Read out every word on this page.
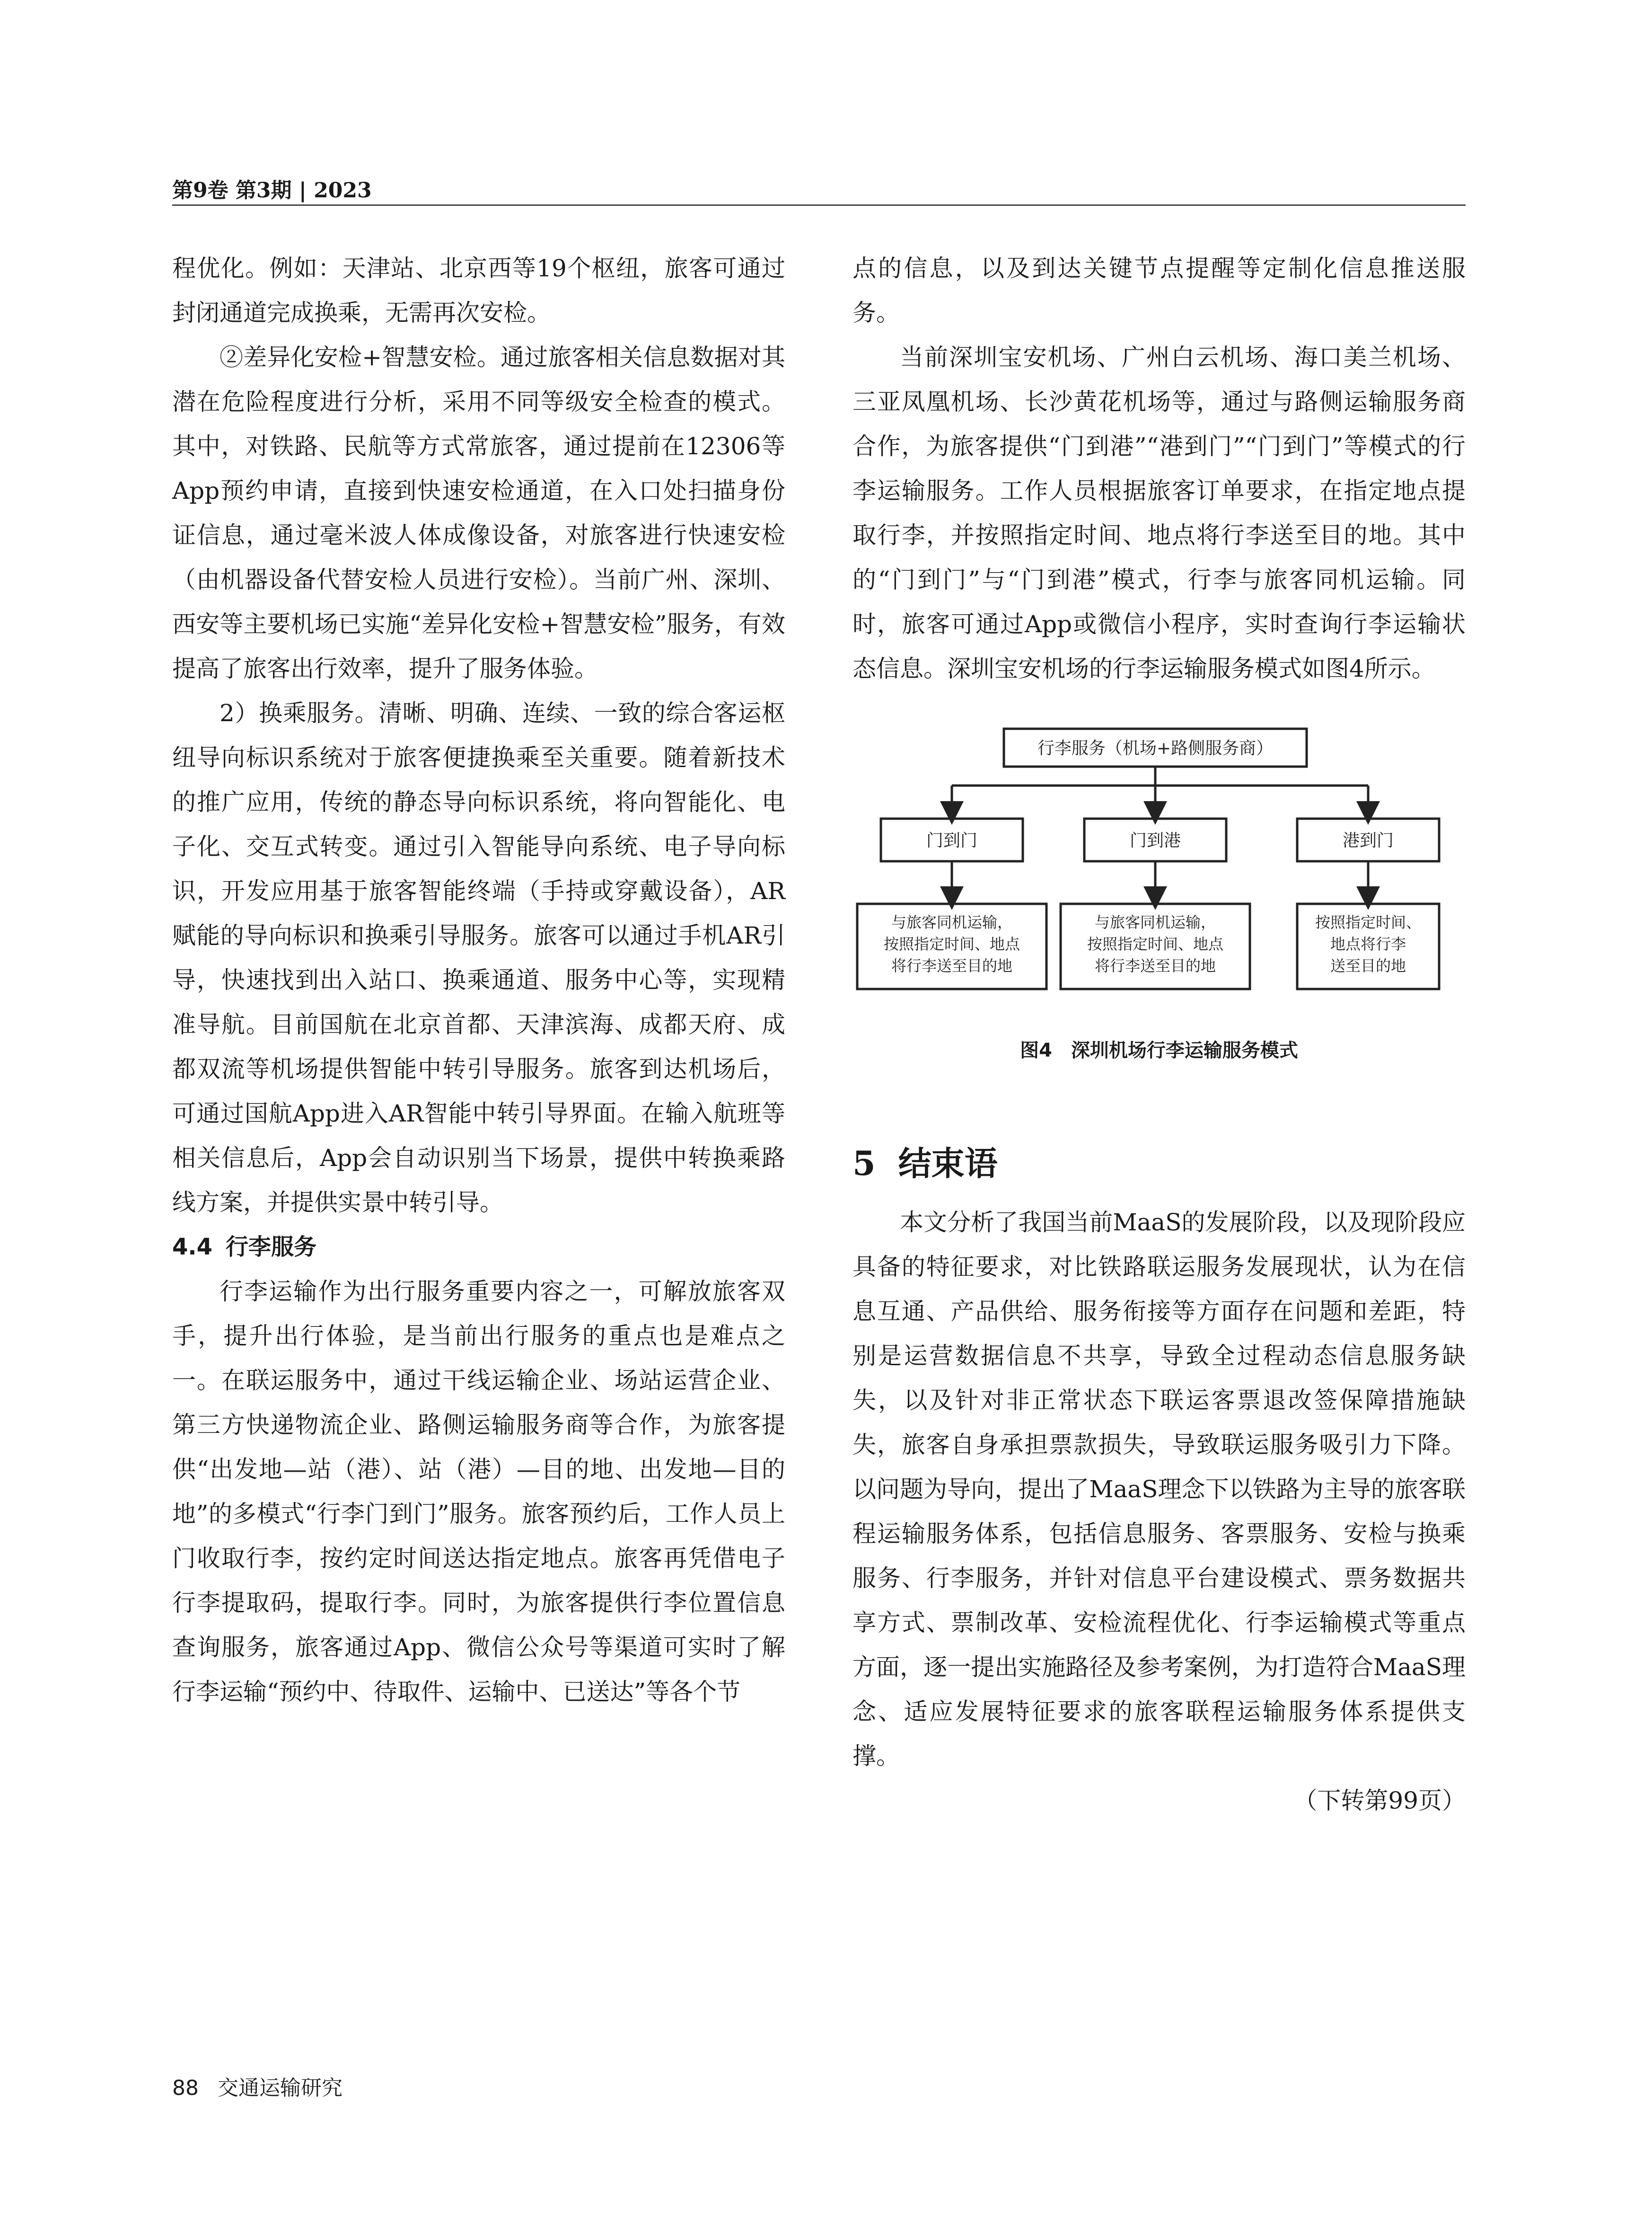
第9卷 第3期 | 2023

程优化。例如：天津站、北京西等19个枢纽，旅客可通过封闭通道完成换乘，无需再次安检。

②差异化安检+智慧安检。通过旅客相关信息数据对其潜在危险程度进行分析，采用不同等级安全检查的模式。其中，对铁路、民航等方式常旅客，通过提前在12306等App预约申请，直接到快速安检通道，在入口处扫描身份证信息，通过毫米波人体成像设备，对旅客进行快速安检（由机器设备代替安检人员进行安检）。当前广州、深圳、西安等主要机场已实施“差异化安检+智慧安检”服务，有效提高了旅客出行效率，提升了服务体验。

2）换乘服务。清晰、明确、连续、一致的综合客运枢纽导向标识系统对于旅客便捷换乘至关重要。随着新技术的推广应用，传统的静态导向标识系统，将向智能化、电子化、交互式转变。通过引入智能导向系统、电子导向标识，开发应用基于旅客智能终端（手持或穿戴设备），AR赋能的导向标识和换乘引导服务。旅客可以通过手机AR引导，快速找到出入站口、换乘通道、服务中心等，实现精准导航。目前国航在北京首都、天津滨海、成都天府、成都双流等机场提供智能中转引导服务。旅客到达机场后，可通过国航App进入AR智能中转引导界面。在输入航班等相关信息后，App会自动识别当下场景，提供中转换乘路线方案，并提供实景中转引导。

4.4 行李服务

行李运输作为出行服务重要内容之一，可解放旅客双手，提升出行体验，是当前出行服务的重点也是难点之一。在联运服务中，通过干线运输企业、场站运营企业、第三方快递物流企业、路侧运输服务商等合作，为旅客提供“出发地—站（港）、站（港）—目的地、出发地—目的地”的多模式“行李门到门”服务。旅客预约后，工作人员上门收取行李，按约定时间送达指定地点。旅客再凭借电子行李提取码，提取行李。同时，为旅客提供行李位置信息查询服务，旅客通过App、微信公众号等渠道可实时了解行李运输“预约中、待取件、运输中、已送达”等各个节

点的信息，以及到达关键节点提醒等定制化信息推送服务。

当前深圳宝安机场、广州白云机场、海口美兰机场、三亚凤凰机场、长沙黄花机场等，通过与路侧运输服务商合作，为旅客提供“门到港”“港到门”“门到门”等模式的行李运输服务。工作人员根据旅客订单要求，在指定地点提取行李，并按照指定时间、地点将行李送至目的地。其中的“门到门”与“门到港”模式，行李与旅客同机运输。同时，旅客可通过App或微信小程序，实时查询行李运输状态信息。深圳宝安机场的行李运输服务模式如图4所示。

行李服务（机场+路侧服务商）
门到门	门到港	港到门
与旅客同机运输，
按照指定时间、地点
将行李送至目的地
与旅客同机运输，
按照指定时间、地点
将行李送至目的地
按照指定时间、
地点将行李
送至目的地
图4 深圳机场行李运输服务模式
5 结束语

本文分析了我国当前MaaS的发展阶段，以及现阶段应具备的特征要求，对比铁路联运服务发展现状，认为在信息互通、产品供给、服务衔接等方面存在问题和差距，特别是运营数据信息不共享，导致全过程动态信息服务缺失，以及针对非正常状态下联运客票退改签保障措施缺失，旅客自身承担票款损失，导致联运服务吸引力下降。以问题为导向，提出了MaaS理念下以铁路为主导的旅客联程运输服务体系，包括信息服务、客票服务、安检与换乘服务、行李服务，并针对信息平台建设模式、票务数据共享方式、票制改革、安检流程优化、行李运输模式等重点方面，逐一提出实施路径及参考案例，为打造符合MaaS理念、适应发展特征要求的旅客联程运输服务体系提供支撑。

（下转第99页）
88 交通运输研究
